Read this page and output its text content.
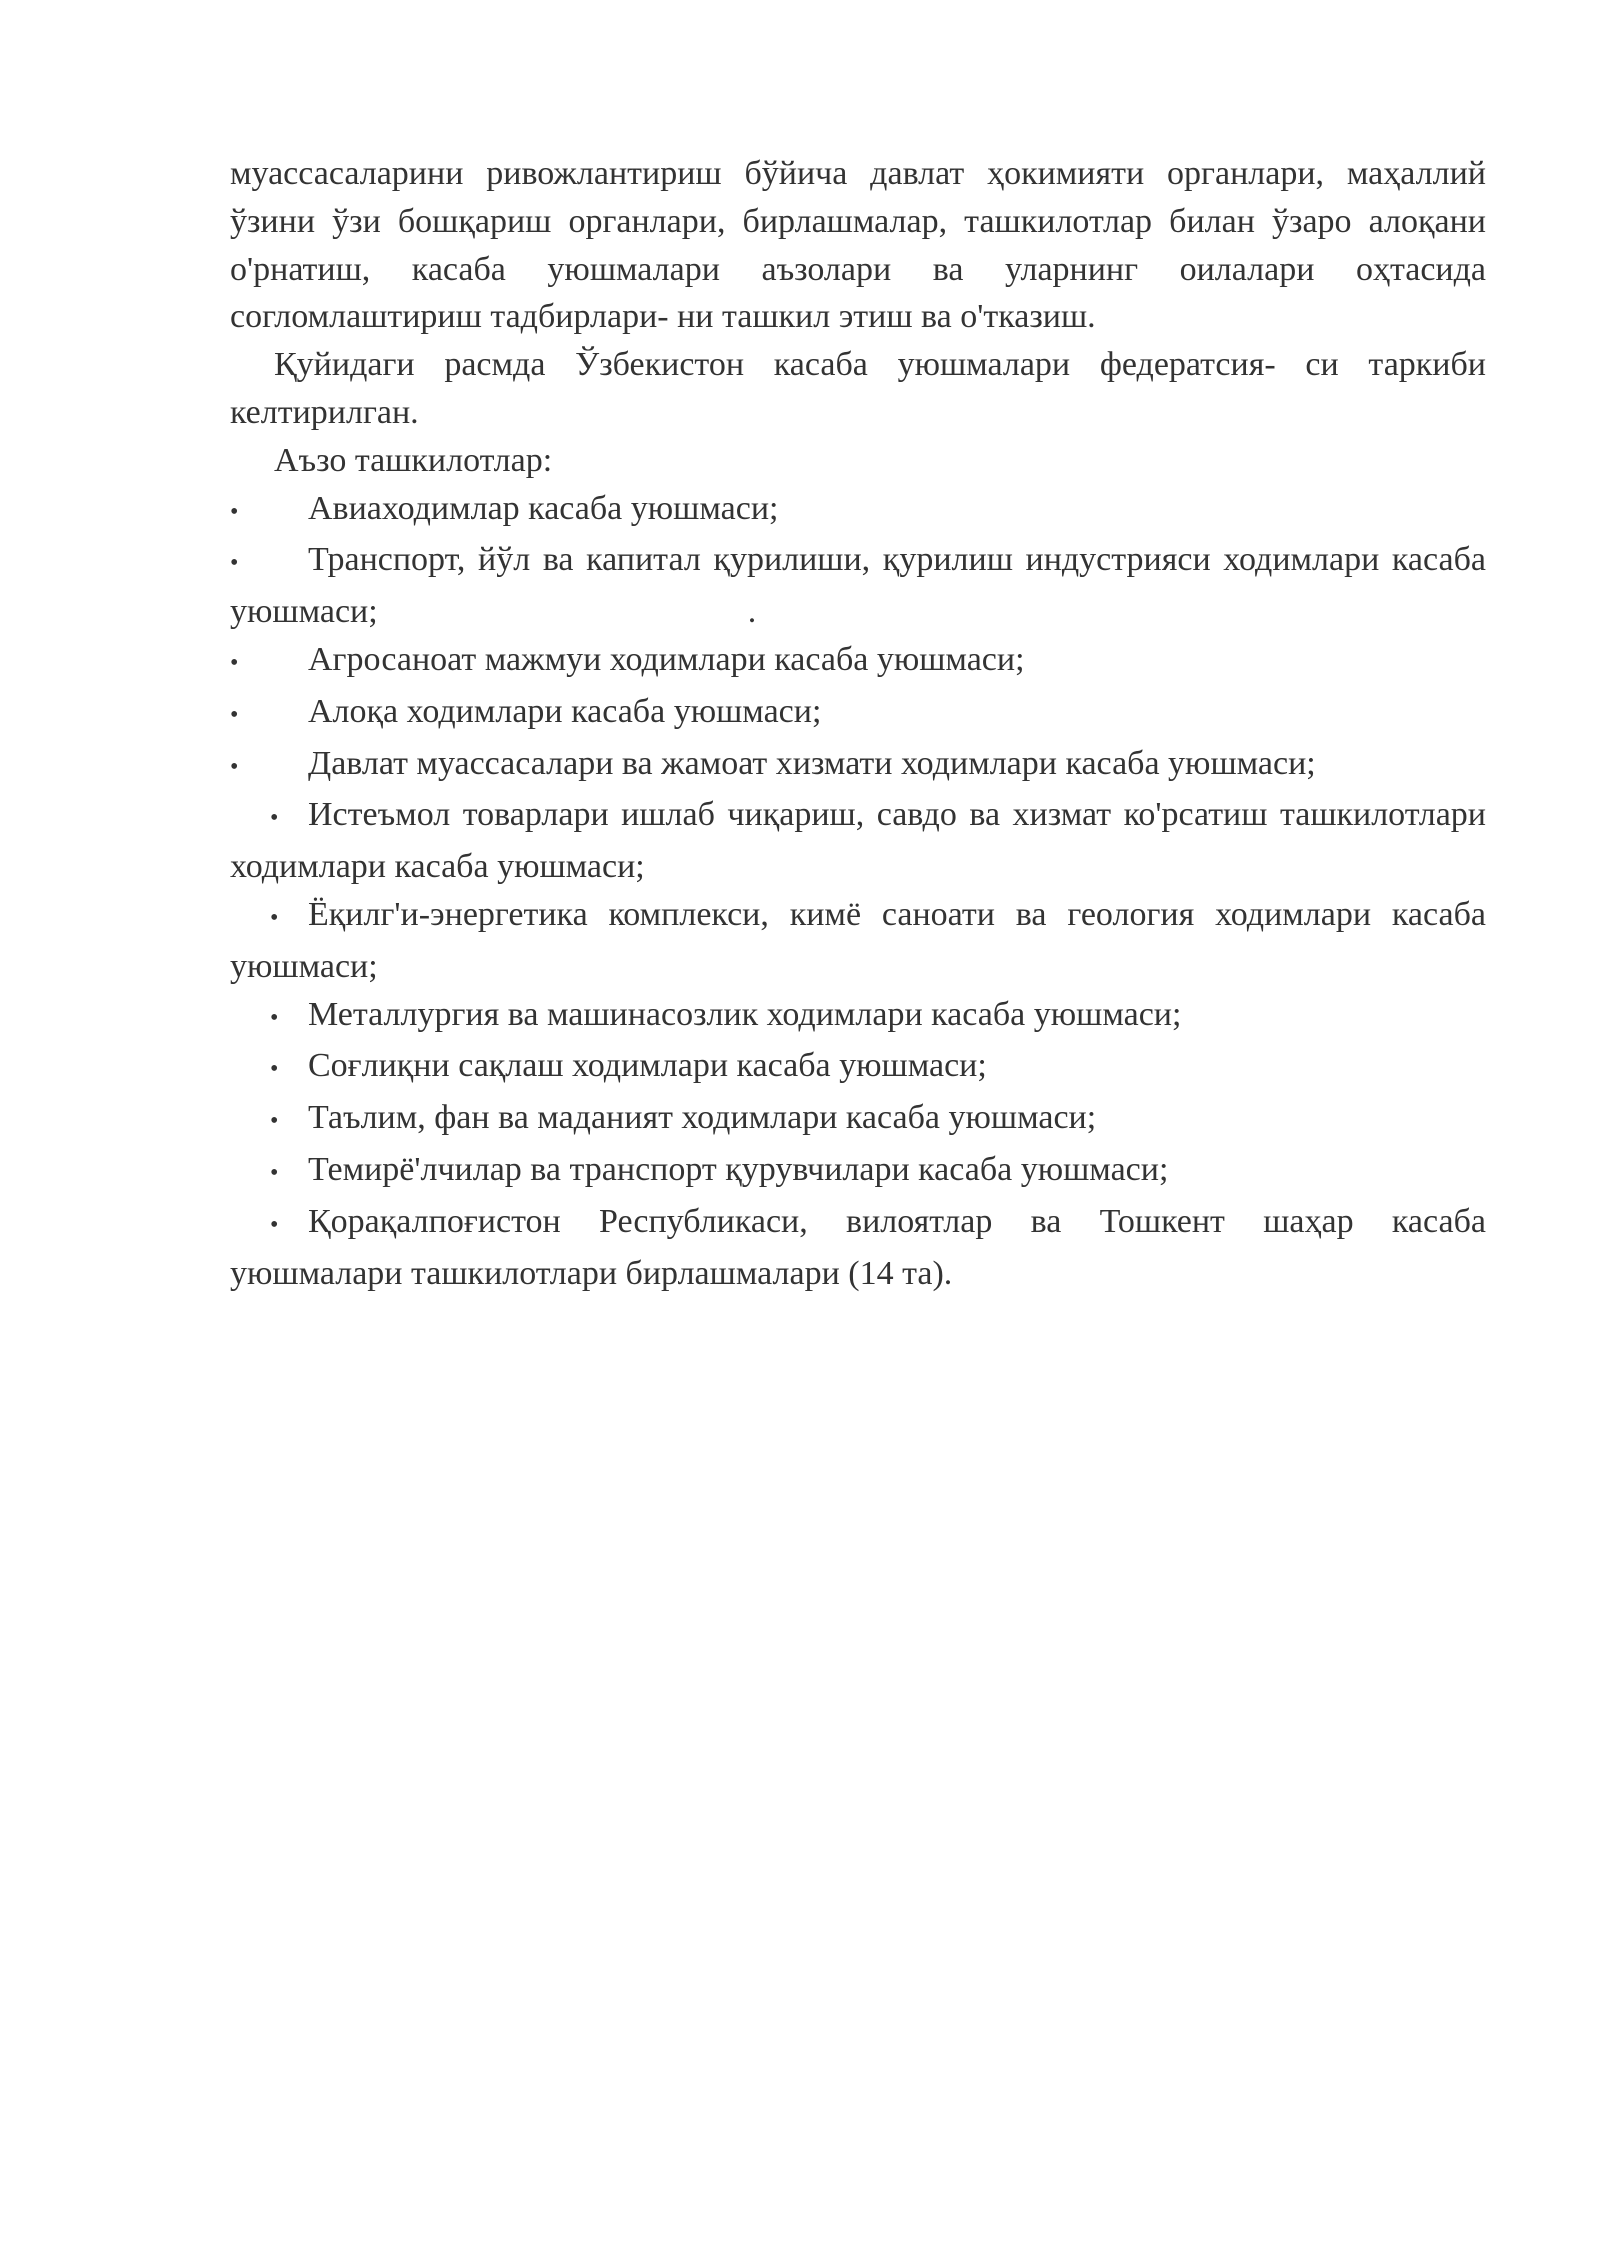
муассасаларини ривожлантириш бўйича давлат ҳокимияти органлари, маҳаллий ўзини ўзи бошқариш органлари, бирлашмалар, ташкилотлар билан ўзаро алоқани о'рнатиш, касаба уюшмалари аъзолари ва уларнинг оилалари оҳтасида согломлаштириш тадбирлари- ни ташкил этиш ва о'тказиш.

Қуйидаги расмда Ўзбекистон касаба уюшмалари федератсия- си таркиби келтирилган.

Аъзо ташкилотлар:

• Авиаходимлар касаба уюшмаси;

• Транспорт, йўл ва капитал қурилиши, қурилиш индустрияси ходимлари касаба уюшмаси;	.

• Агросаноат мажмуи ходимлари касаба уюшмаси;

• Алоқа ходимлари касаба уюшмаси;

• Давлат муассасалари ва жамоат хизмати ходимлари касаба уюшмаси;

• Истеъмол товарлари ишлаб чиқариш, савдо ва хизмат ко'рсатиш ташкилотлари ходимлари касаба уюшмаси;

• Ёқилг'и-энергетика комплекси, кимё саноати ва геология ходимлари касаба уюшмаси;

• Металлургия ва машинасозлик ходимлари касаба уюшмаси;

• Соғлиқни сақлаш ходимлари касаба уюшмаси;

• Таълим, фан ва маданият ходимлари касаба уюшмаси;

• Темирё'лчилар ва транспорт қурувчилари касаба уюшмаси;

• Қорақалпоғистон Республикаси, вилоятлар ва Тошкент шаҳар касаба уюшмалари ташкилотлари бирлашмалари (14 та).
